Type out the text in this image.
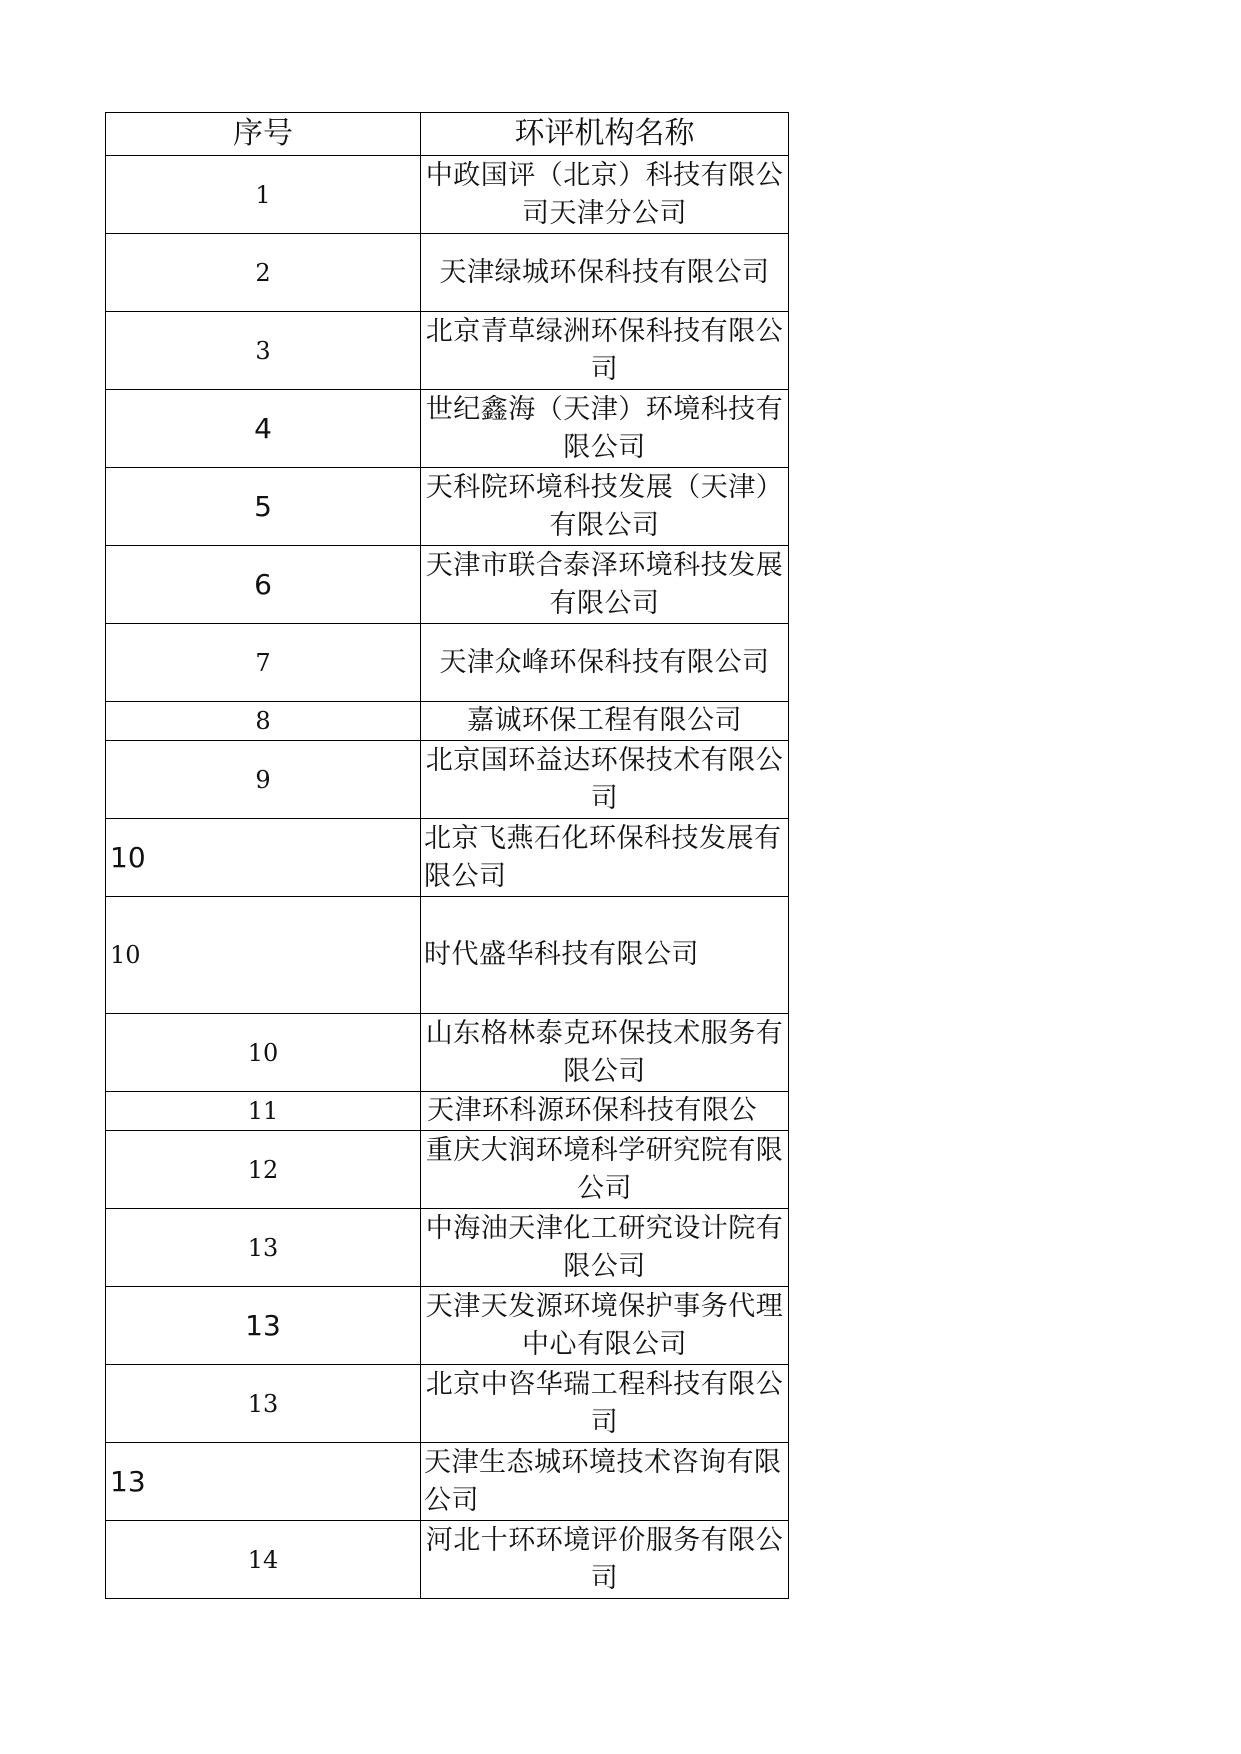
序号	环评机构名称
1	中政国评（北京）科技有限公司天津分公司
2	天津绿城环保科技有限公司
3	北京青草绿洲环保科技有限公司
4	世纪鑫海（天津）环境科技有限公司
5	天科院环境科技发展（天津）有限公司
6	天津市联合泰泽环境科技发展有限公司
7	天津众峰环保科技有限公司
8	嘉诚环保工程有限公司
9	北京国环益达环保技术有限公司
10	北京飞燕石化环保科技发展有限公司
10	时代盛华科技有限公司
10	山东格林泰克环保技术服务有限公司
11	天津环科源环保科技有限公
12	重庆大润环境科学研究院有限公司
13	中海油天津化工研究设计院有限公司
13	天津天发源环境保护事务代理中心有限公司
13	北京中咨华瑞工程科技有限公司
13	天津生态城环境技术咨询有限公司
14	河北十环环境评价服务有限公司
